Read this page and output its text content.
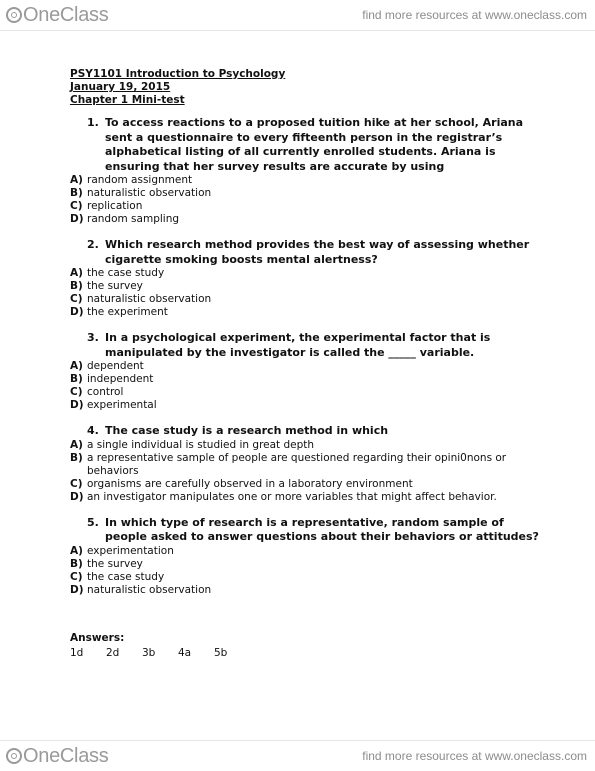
OneClass	find more resources at www.oneclass.com
PSY1101 Introduction to Psychology
January 19, 2015
Chapter 1 Mini-test
1. To access reactions to a proposed tuition hike at her school, Ariana sent a questionnaire to every fifteenth person in the registrar’s alphabetical listing of all currently enrolled students. Ariana is ensuring that her survey results are accurate by using
A) random assignment
B) naturalistic observation
C) replication
D) random sampling
2. Which research method provides the best way of assessing whether cigarette smoking boosts mental alertness?
A) the case study
B) the survey
C) naturalistic observation
D) the experiment
3. In a psychological experiment, the experimental factor that is manipulated by the investigator is called the _____ variable.
A) dependent
B) independent
C) control
D) experimental
4. The case study is a research method in which
A) a single individual is studied in great depth
B) a representative sample of people are questioned regarding their opini0nons or behaviors
C) organisms are carefully observed in a laboratory environment
D) an investigator manipulates one or more variables that might affect behavior.
5. In which type of research is a representative, random sample of people asked to answer questions about their behaviors or attitudes?
A) experimentation
B) the survey
C) the case study
D) naturalistic observation
Answers:
1d	2d	3b	4a	5b
OneClass	find more resources at www.oneclass.com
